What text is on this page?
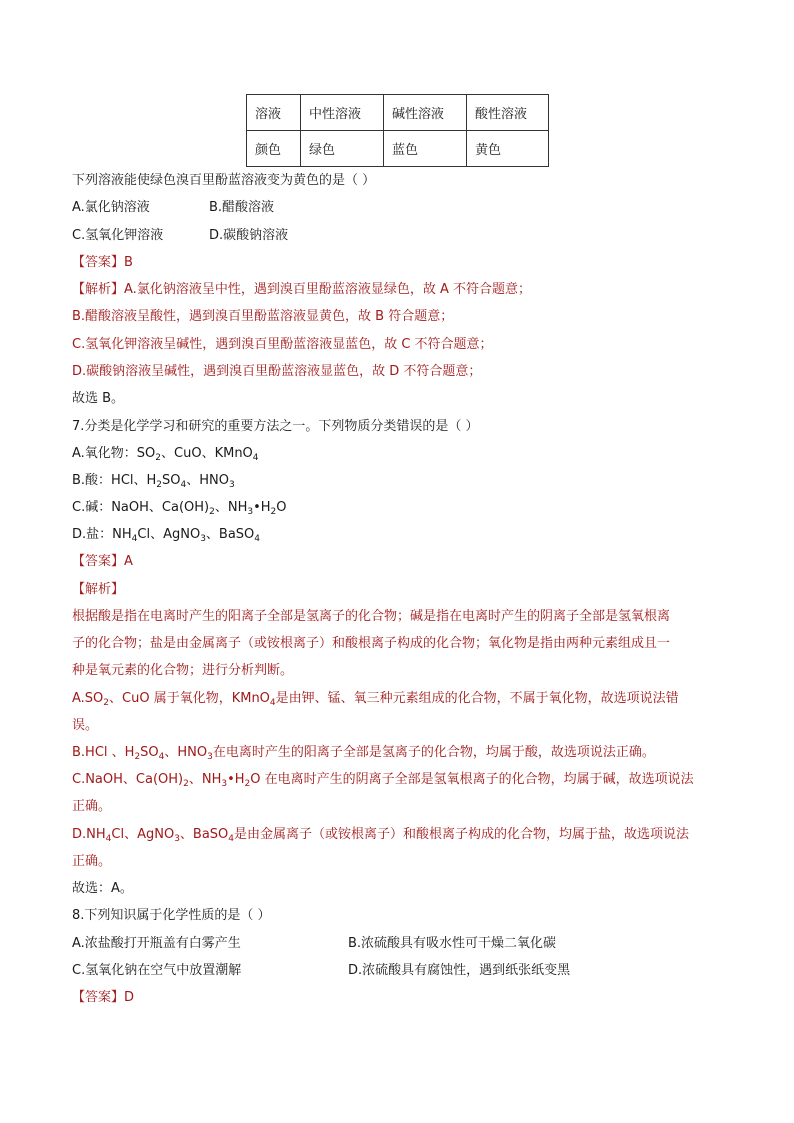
溶液	中性溶液	碱性溶液	酸性溶液
颜色	绿色	蓝色	黄色
下列溶液能使绿色溴百里酚蓝溶液变为黄色的是（ ）
A.氯化钠溶液	B.醋酸溶液
C.氢氧化钾溶液	D.碳酸钠溶液
【答案】B
【解析】A.氯化钠溶液呈中性，遇到溴百里酚蓝溶液显绿色，故 A 不符合题意；
B.醋酸溶液呈酸性，遇到溴百里酚蓝溶液显黄色，故 B 符合题意；
C.氢氧化钾溶液呈碱性，遇到溴百里酚蓝溶液显蓝色，故 C 不符合题意；
D.碳酸钠溶液呈碱性，遇到溴百里酚蓝溶液显蓝色，故 D 不符合题意；
故选 B。
7.分类是化学学习和研究的重要方法之一。下列物质分类错误的是（ ）
A.氧化物：$SO_2$、CuO、KMnO$_4$
B.酸：HCl、$H_2SO_4$、$HNO_3$
C.碱：NaOH、$Ca(OH)_2$、$NH_3•H_2O$
D.盐：$NH_4Cl$、AgNO$_3$、BaSO$_4$
【答案】A
【解析】
根据酸是指在电离时产生的阳离子全部是氢离子的化合物；碱是指在电离时产生的阴离子全部是氢氧根离
子的化合物；盐是由金属离子（或铵根离子）和酸根离子构成的化合物；氧化物是指由两种元素组成且一
种是氧元素的化合物；进行分析判断。
$A.SO_2$、CuO 属于氧化物，KMnO$_4$是由钾、锰、氧三种元素组成的化合物，不属于氧化物，故选项说法错
误。
B.HCl 、$H_2SO_4$、$HNO_3$在电离时产生的阳离子全部是氢离子的化合物，均属于酸，故选项说法正确。
C.NaOH、$Ca(OH)_2$、$NH_3•H_2O$ 在电离时产生的阴离子全部是氢氧根离子的化合物，均属于碱，故选项说法
正确。
$D.NH_4Cl$、AgNO$_3$、BaSO$_4$是由金属离子（或铵根离子）和酸根离子构成的化合物，均属于盐，故选项说法
正确。
故选：A。
8.下列知识属于化学性质的是（ ）
A.浓盐酸打开瓶盖有白雾产生	B.浓硫酸具有吸水性可干燥二氧化碳
C.氢氧化钠在空气中放置潮解	D.浓硫酸具有腐蚀性，遇到纸张纸变黑
【答案】D
